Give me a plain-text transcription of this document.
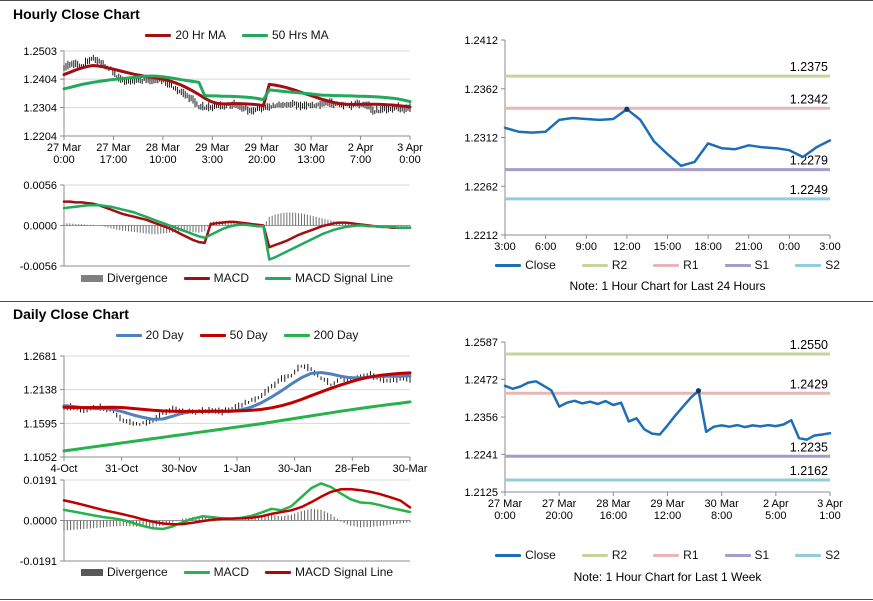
Hourly Close Chart
Daily Close Chart
1.2503
1.2404
1.2304
1.2204
27 Mar
0:00
27 Mar
17:00
28 Mar
10:00
29 Mar
3:00
29 Mar
20:00
30 Mar
13:00
2 Apr
7:00
3 Apr
0:00
0.0056
0.0000
-0.0056
1.2412
1.2362
1.2312
1.2262
1.2212
3:00 6:00 9:00 12:00 15:00 18:00 21:00 0:00 3:00
1.2375
1.2342
1.2279
1.2249
1.2681
1.2138
1.1595
1.1052
4-Oct	31-Oct 30-Nov 1-Jan 30-Jan 28-Feb 30-Mar
0.0191
0.0000
-0.0191
1.2587
1.2472
1.2356
1.2241
1.2125
27 Mar
0:00
27 Mar
20:00
28 Mar
16:00
29 Mar
12:00
30 Mar
8:00
2 Apr
5:00
3 Apr
1:00
1.2550
1.2429
1.2235
1.2162
20 Hr MA	50 Hrs MA
Divergence	MACD	MACD Signal Line
Close	R2	R1	S1	S2
Note: 1 Hour Chart for Last 24 Hours
20 Day	50 Day	200 Day
Divergence	MACD	MACD Signal Line
Close	R2	R1	S1	S2
Note: 1 Hour Chart for Last 1 Week
